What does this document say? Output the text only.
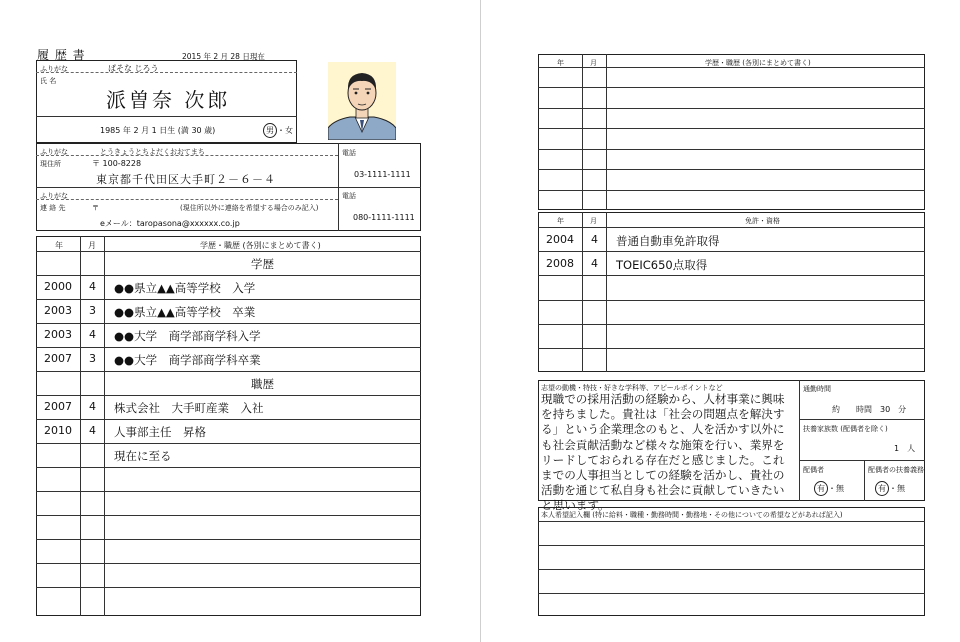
履 歴 書	2015 年 2 月 28 日現在
ふりがな	ぱそな じろう
氏 名
派曽奈 次郎
1985 年 2 月 1 日生 (満 30 歳)	男 ・女
ふりがな	とうきょうとちよだくおおてまち	電話
現住所	〒 100-8228
東京都千代田区大手町２－６－４	03-1111-1111
ふりがな	電話
連 絡 先	〒	(現住所以外に連絡を希望する場合のみ記入)
080-1111-1111
eメール：taropasona@xxxxxx.co.jp
年	月	学歴・職歴 (各別にまとめて書く)
学歴
2000 4 ●●県立▲▲高等学校　入学
2003 3 ●●県立▲▲高等学校　卒業
2003 4 ●●大学　商学部商学科入学
2007 3 ●●大学　商学部商学科卒業
職歴
2007 4 株式会社　大手町産業　入社
2010 4 人事部主任　昇格
現在に至る
年	月	学歴・職歴 (各別にまとめて書く)
年	月	免許・資格
2004 4 普通自動車免許取得
2008 4 TOEIC650点取得
志望の動機・特技・好きな学科等、アピールポイントなど
現職での採用活動の経験から、人材事業に興味を持ちました。貴社は「社会の問題点を解決する」という企業理念のもと、人を活かす以外にも社会貢献活動など様々な施策を行い、業界をリードしておられる存在だと感じました。これまでの人事担当としての経験を活かし、貴社の活動を通じて私自身も社会に貢献していきたいと思います。
通勤時間
約　　時間　30　分
扶養家族数 (配偶者を除く)
1　人
配偶者
有 ・無
配偶者の扶養義務
有 ・無
本人希望記入欄 (特に給料・職種・勤務時間・勤務地・その他についての希望などがあれば記入)
